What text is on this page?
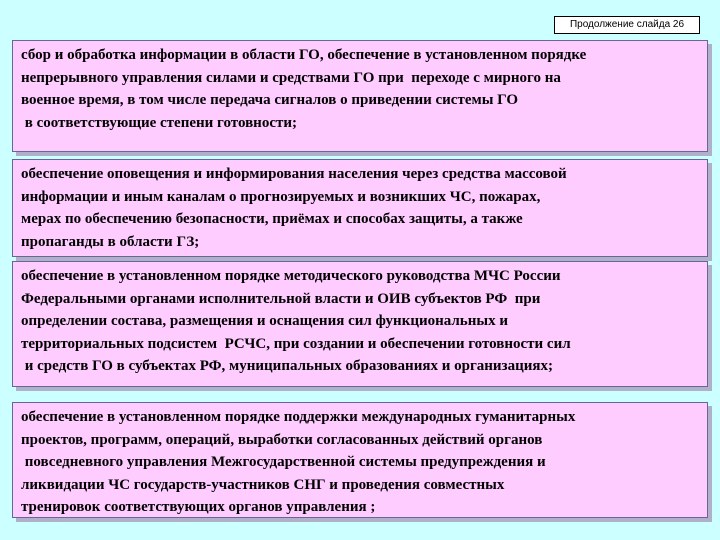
Продолжение слайда 26

сбор и обработка информации в области ГО, обеспечение в установленном порядке

непрерывного управления силами и средствами ГО при  переходе с мирного на

военное время, в том числе передача сигналов о приведении системы ГО

в соответствующие степени готовности;

обеспечение оповещения и информирования населения через средства массовой

информации и иным каналам о прогнозируемых и возникших ЧС, пожарах,

мерах по обеспечению безопасности, приёмах и способах защиты, а также

пропаганды в области ГЗ;

обеспечение в установленном порядке методического руководства МЧС России

Федеральными органами исполнительной власти и ОИВ субъектов РФ  при

определении состава, размещения и оснащения сил функциональных и

территориальных подсистем  РСЧС, при создании и обеспечении готовности сил

и средств ГО в субъектах РФ, муниципальных образованиях и организациях;

обеспечение в установленном порядке поддержки международных гуманитарных

проектов, программ, операций, выработки согласованных действий органов

повседневного управления Межгосударственной системы предупреждения и

ликвидации ЧС государств-участников СНГ и проведения совместных

тренировок соответствующих органов управления ;
